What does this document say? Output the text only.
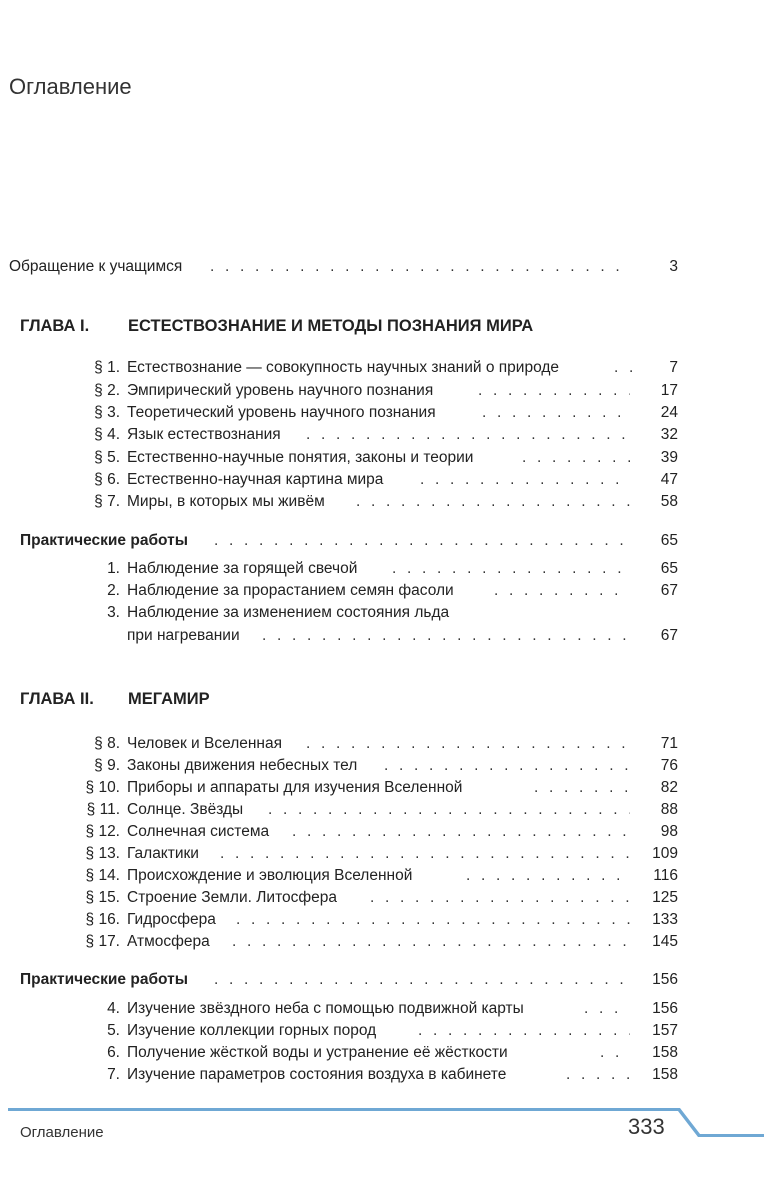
Оглавление
Обращение к учащимся . . .	3
ГЛАВА I. ЕСТЕСТВОЗНАНИЕ И МЕТОДЫ ПОЗНАНИЯ МИРА
§ 1. Естествознание — совокупность научных знаний о природе . . .	7
§ 2. Эмпирический уровень научного познания . . .	17
§ 3. Теоретический уровень научного познания . . .	24
§ 4. Язык естествознания . . .	32
§ 5. Естественно-научные понятия, законы и теории . . .	39
§ 6. Естественно-научная картина мира . . .	47
§ 7. Миры, в которых мы живём . . .	58
Практические работы . . .	65
1. Наблюдение за горящей свечой . . .	65
2. Наблюдение за прорастанием семян фасоли . . .	67
3. Наблюдение за изменением состояния льда
при нагревании . . .	67
ГЛАВА II. МЕГАМИР
§ 8. Человек и Вселенная . . .	71
§ 9. Законы движения небесных тел . . .	76
§ 10. Приборы и аппараты для изучения Вселенной . . .	82
§ 11. Солнце. Звёзды . . .	88
§ 12. Солнечная система . . .	98
§ 13. Галактики . . .	109
§ 14. Происхождение и эволюция Вселенной . . .	116
§ 15. Строение Земли. Литосфера . . .	125
§ 16. Гидросфера . . .	133
§ 17. Атмосфера . . .	145
Практические работы . . .	156
4. Изучение звёздного неба с помощью подвижной карты . . .	156
5. Изучение коллекции горных пород . . .	157
6. Получение жёсткой воды и устранение её жёсткости . . .	158
7. Изучение параметров состояния воздуха в кабинете . . .	158
Оглавление	333
